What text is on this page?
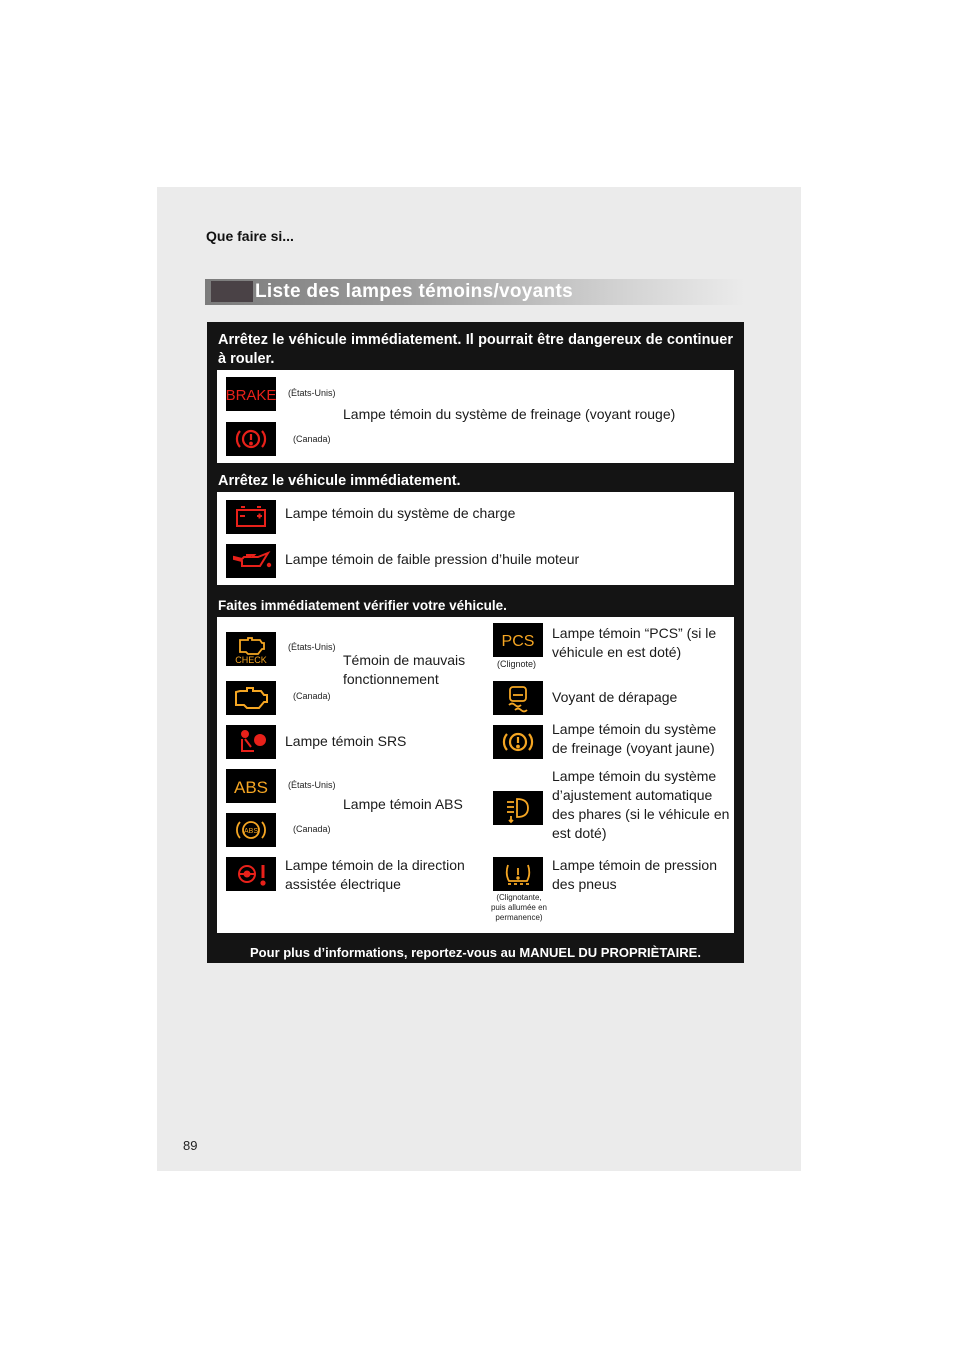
Que faire si...
Liste des lampes témoins/voyants
Arrêtez le véhicule immédiatement. Il pourrait être dangereux de continuer à rouler.
BRAKE (États-Unis)
Lampe témoin du système de freinage (voyant rouge)
(Canada)
Arrêtez le véhicule immédiatement.
Lampe témoin du système de charge
Lampe témoin de faible pression d’huile moteur
Faites immédiatement vérifier votre véhicule.
CHECK
(États-Unis)
Témoin de mauvais fonctionnement
(Canada)
Lampe témoin SRS
ABS (États-Unis)
Lampe témoin ABS
ABS	(Canada)
Lampe témoin de la direction assistée électrique
PCS
(Clignote)
Lampe témoin “PCS” (si le véhicule en est doté)
Voyant de dérapage
Lampe témoin du système de freinage (voyant jaune)
Lampe témoin du système d’ajustement automatique des phares (si le véhicule en est doté)
(Clignotante, puis allumée en permanence)
Lampe témoin de pression des pneus
Pour plus d’informations, reportez-vous au MANUEL DU PROPRIÈTAIRE.
89
